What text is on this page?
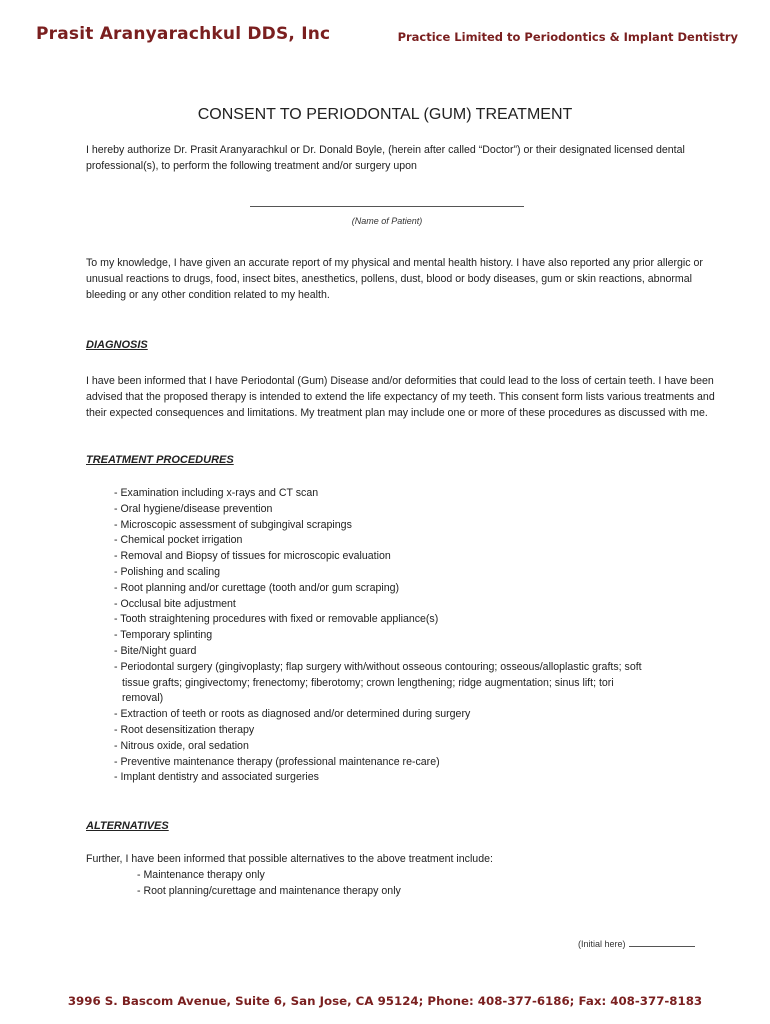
Prasit Aranyarachkul DDS, Inc	Practice Limited to Periodontics & Implant Dentistry
CONSENT TO PERIODONTAL (GUM) TREATMENT

I hereby authorize Dr. Prasit Aranyarachkul or Dr. Donald Boyle, (herein after called “Doctor”) or their designated licensed dental professional(s), to perform the following treatment and/or surgery upon

(Name of Patient)

To my knowledge, I have given an accurate report of my physical and mental health history. I have also reported any prior allergic or unusual reactions to drugs, food, insect bites, anesthetics, pollens, dust, blood or body diseases, gum or skin reactions, abnormal bleeding or any other condition related to my health.

DIAGNOSIS

I have been informed that I have Periodontal (Gum) Disease and/or deformities that could lead to the loss of certain teeth. I have been advised that the proposed therapy is intended to extend the life expectancy of my teeth. This consent form lists various treatments and their expected consequences and limitations. My treatment plan may include one or more of these procedures as discussed with me.

TREATMENT PROCEDURES
- Examination including x-rays and CT scan
- Oral hygiene/disease prevention
- Microscopic assessment of subgingival scrapings
- Chemical pocket irrigation
- Removal and Biopsy of tissues for microscopic evaluation
- Polishing and scaling
- Root planning and/or curettage (tooth and/or gum scraping)
- Occlusal bite adjustment
- Tooth straightening procedures with fixed or removable appliance(s)
- Temporary splinting
- Bite/Night guard
- Periodontal surgery (gingivoplasty; flap surgery with/without osseous contouring; osseous/alloplastic grafts; soft tissue grafts; gingivectomy; frenectomy; fiberotomy; crown lengthening; ridge augmentation; sinus lift; tori removal)
- Extraction of teeth or roots as diagnosed and/or determined during surgery
- Root desensitization therapy
- Nitrous oxide, oral sedation
- Preventive maintenance therapy (professional maintenance re-care)
- Implant dentistry and associated surgeries
ALTERNATIVES

Further, I have been informed that possible alternatives to the above treatment include:

- Maintenance therapy only
- Root planning/curettage and maintenance therapy only
(Initial here)
3996 S. Bascom Avenue, Suite 6, San Jose, CA 95124; Phone: 408-377-6186; Fax: 408-377-8183
